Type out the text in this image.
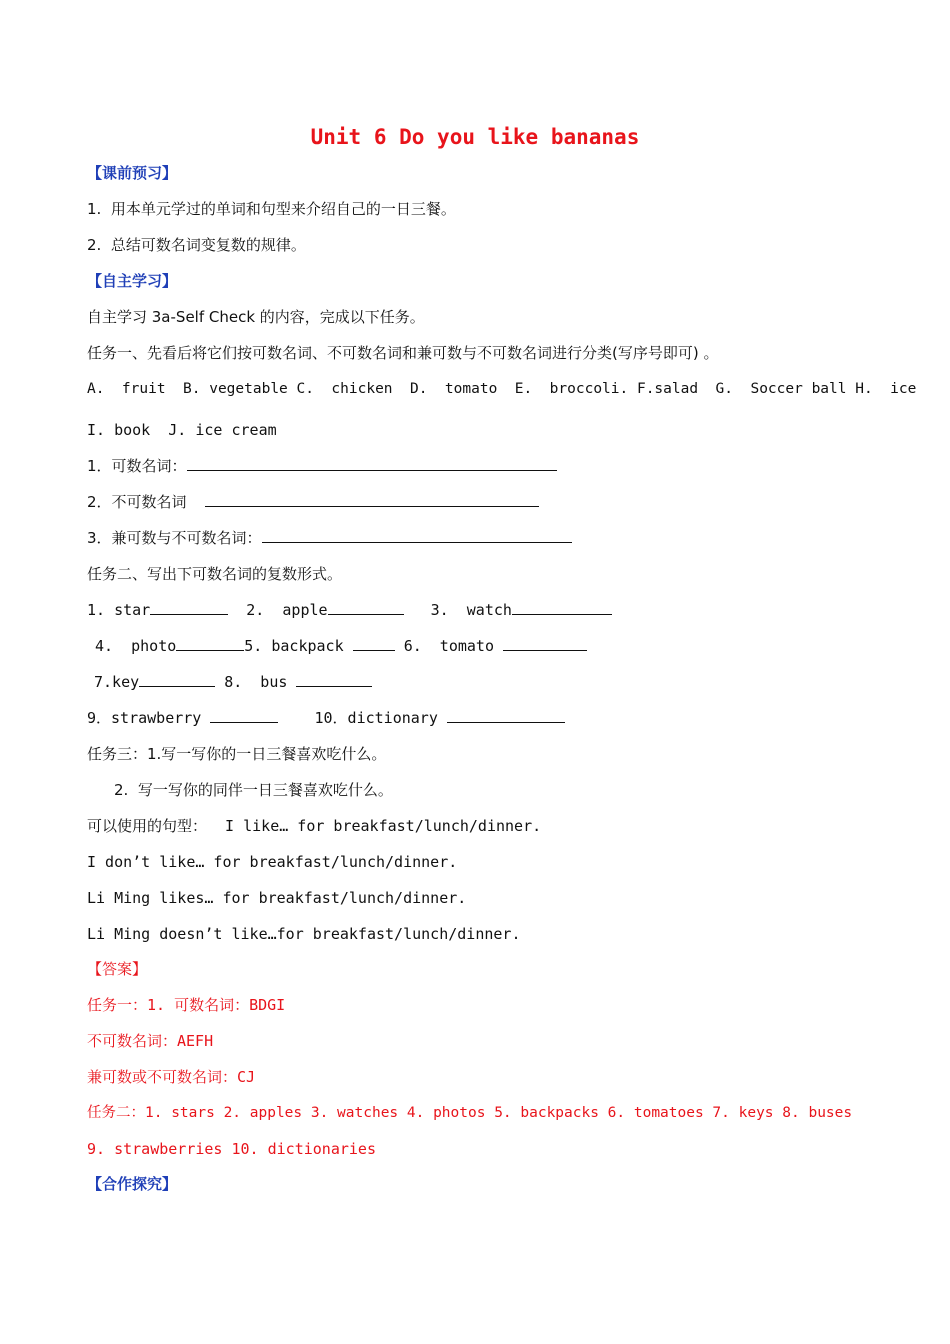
Unit 6 Do you like bananas
【课前预习】
1.  用本单元学过的单词和句型来介绍自己的一日三餐。
2.  总结可数名词变复数的规律。
【自主学习】
自主学习 3a-Self Check 的内容，完成以下任务。
任务一、先看后将它们按可数名词、不可数名词和兼可数与不可数名词进行分类(写序号即可) 。
A.  fruit  B. vegetable C.  chicken  D.  tomato  E.  broccoli. F.salad  G.  Soccer ball H.  ice
I. book  J. ice cream
1．可数名词：
2．不可数名词
3．兼可数与不可数名词：
任务二、写出下可数名词的复数形式。
1. star	2.  apple	3.  watch
4.  photo	5. backpack	6.  tomato
7.key	8.  bus
9．strawberry	10．dictionary
任务三：1.写一写你的一日三餐喜欢吃什么。
2.  写一写你的同伴一日三餐喜欢吃什么。
可以使用的句型：  I like… for breakfast/lunch/dinner.
I don’t like… for breakfast/lunch/dinner.
Li Ming likes… for breakfast/lunch/dinner.
Li Ming doesn’t like…for breakfast/lunch/dinner.
【答案】
任务一：1. 可数名词：BDGI
不可数名词：AEFH
兼可数或不可数名词：CJ
任务二：1. stars 2. apples 3. watches 4. photos 5. backpacks 6. tomatoes 7. keys 8. buses
9. strawberries 10. dictionaries
【合作探究】
